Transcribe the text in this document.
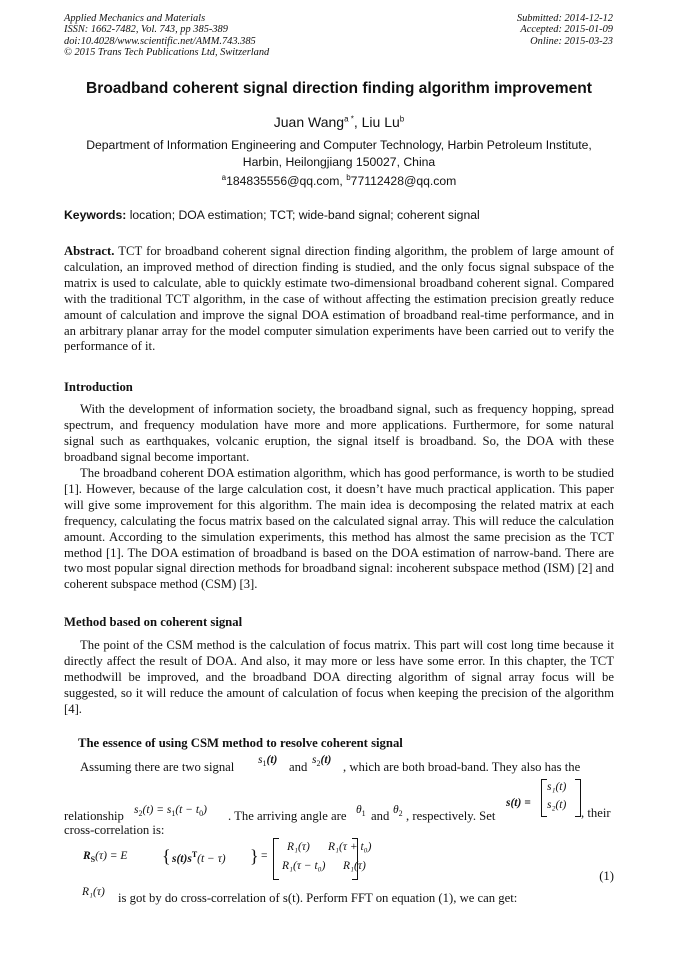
Applied Mechanics and Materials
ISSN: 1662-7482, Vol. 743, pp 385-389
doi:10.4028/www.scientific.net/AMM.743.385
© 2015 Trans Tech Publications Ltd, Switzerland
Submitted: 2014-12-12
Accepted: 2015-01-09
Online: 2015-03-23
Broadband coherent signal direction finding algorithm improvement
Juan Wang$^{a *}$, Liu Lu$^b$
Department of Information Engineering and Computer Technology, Harbin Petroleum Institute, Harbin, Heilongjiang 150027, China
$^a$184835556@qq.com, $^b$77112428@qq.com
Keywords: location; DOA estimation; TCT; wide-band signal; coherent signal
Abstract. TCT for broadband coherent signal direction finding algorithm, the problem of large amount of calculation, an improved method of direction finding is studied, and the only focus signal subspace of the matrix is used to calculate, able to quickly estimate two-dimensional broadband coherent signal. Compared with the traditional TCT algorithm, in the case of without affecting the estimation precision greatly reduce amount of calculation and improve the signal DOA estimation of broadband real-time performance, and in an arbitrary planar array for the model computer simulation experiments have been carried out to verify the performance of it.
Introduction
With the development of information society, the broadband signal, such as frequency hopping, spread spectrum, and frequency modulation have more and more applications. Furthermore, for some natural signal such as earthquakes, volcanic eruption, the signal itself is broadband. So, the DOA with these broadband signal become important.
The broadband coherent DOA estimation algorithm, which has good performance, is worth to be studied [1]. However, because of the large calculation cost, it doesn’t have much practical application. This paper will give some improvement for this algorithm. The main idea is decomposing the related matrix at each frequency, calculating the focus matrix based on the calculated signal array. This will reduce the calculation amount. According to the simulation experiments, this method has almost the same precision as the TCT method [1]. The DOA estimation of broadband is based on the DOA estimation of narrow-band. There are two most popular signal direction methods for broadband signal: incoherent subspace method (ISM) [2] and coherent subspace method (CSM) [3].
Method based on coherent signal
The point of the CSM method is the calculation of focus matrix. This part will cost long time because it directly affect the result of DOA. And also, it may more or less have some error. In this chapter, the TCT methodwill be improved, and the broadband DOA directing algorithm of signal array focus will be suggested, so it will reduce the amount of calculation of focus when keeping the precision of the algorithm [4].
The essence of using CSM method to resolve coherent signal
Assuming there are two signal $s_1(t)$ and $s_2(t)$ , which are both broad-band. They also has the
s(t) =
s₁(t)
s₂(t)
relationship $s_2(t) = s_1(t - t_0)$ . The arriving angle are $\theta_1$ and $\theta_2$ , respectively. Set	, their
cross-correlation is:
$R_S(\tau) = E$ { $s(t)s^T(t - \tau)$ } =
R₁(τ)	R₁(τ + t₀)
R₁(τ − t₀) R₁(τ)
(1)
R₁(τ) is got by do cross-correlation of s(t). Perform FFT on equation (1), we can get:
